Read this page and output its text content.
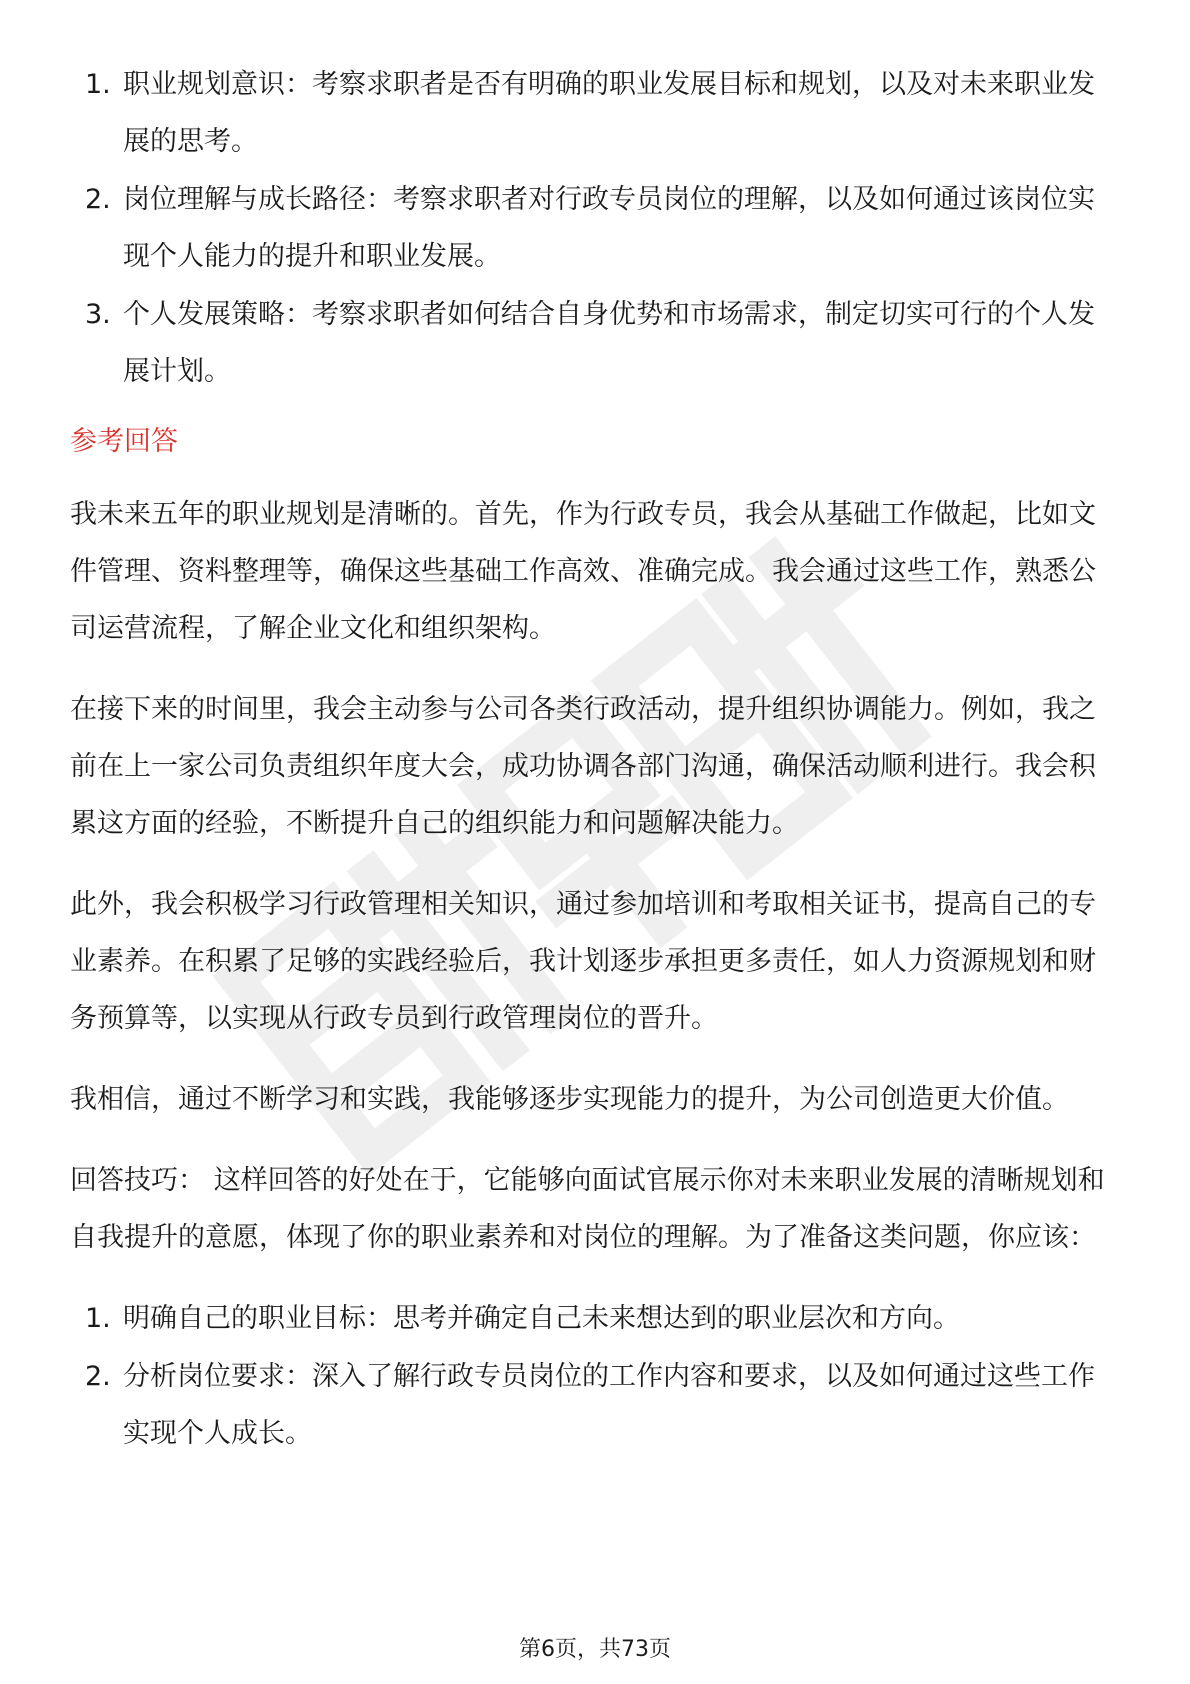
1. 职业规划意识：考察求职者是否有明确的职业发展目标和规划，以及对未来职业发展的思考。
2. 岗位理解与成长路径：考察求职者对行政专员岗位的理解，以及如何通过该岗位实现个人能力的提升和职业发展。
3. 个人发展策略：考察求职者如何结合自身优势和市场需求，制定切实可行的个人发展计划。
参考回答

我未来五年的职业规划是清晰的。首先，作为行政专员，我会从基础工作做起，比如文件管理、资料整理等，确保这些基础工作高效、准确完成。我会通过这些工作，熟悉公司运营流程，了解企业文化和组织架构。

在接下来的时间里，我会主动参与公司各类行政活动，提升组织协调能力。例如，我之前在上一家公司负责组织年度大会，成功协调各部门沟通，确保活动顺利进行。我会积累这方面的经验，不断提升自己的组织能力和问题解决能力。

此外，我会积极学习行政管理相关知识，通过参加培训和考取相关证书，提高自己的专业素养。在积累了足够的实践经验后，我计划逐步承担更多责任，如人力资源规划和财务预算等，以实现从行政专员到行政管理岗位的晋升。

我相信，通过不断学习和实践，我能够逐步实现能力的提升，为公司创造更大价值。

回答技巧： 这样回答的好处在于，它能够向面试官展示你对未来职业发展的清晰规划和自我提升的意愿，体现了你的职业素养和对岗位的理解。为了准备这类问题，你应该：

1. 明确自己的职业目标：思考并确定自己未来想达到的职业层次和方向。
2. 分析岗位要求：深入了解行政专员岗位的工作内容和要求，以及如何通过这些工作实现个人成长。
第6页，共73页
